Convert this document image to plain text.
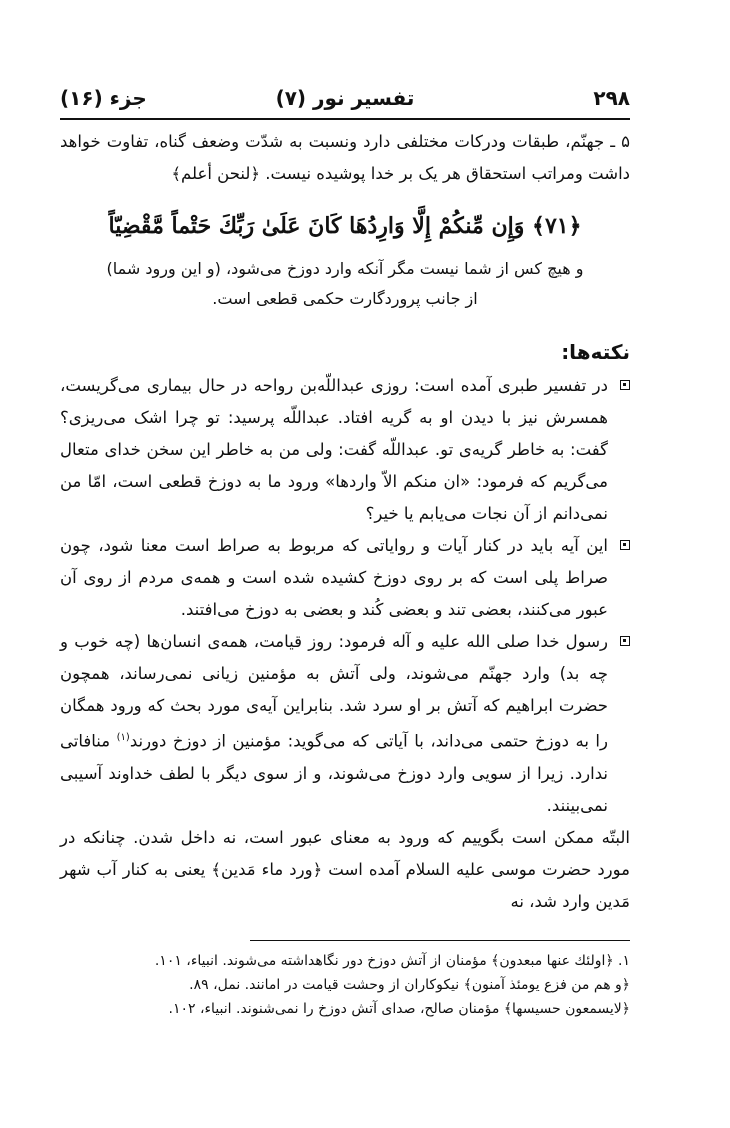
۲۹۸
تفسیر نور (۷)
جزء (۱۶)

۵ ـ جهنّم، طبقات ودرکات مختلفی دارد ونسبت به شدّت وضعف گناه، تفاوت خواهد داشت ومراتب استحقاق هر یک بر خدا پوشیده نیست. ﴿لنحن أعلم﴾

﴿۷۱﴾ وَإِن مِّنكُمْ إِلَّا وَارِدُهَا كَانَ عَلَىٰ رَبِّكَ حَتْماً مَّقْضِيّاً
و هیچ کس از شما نیست مگر آنکه وارد دوزخ می‌شود، (و این ورود شما)
از جانب پروردگارت حکمی قطعی است.
نکته‌ها:

در تفسیر طبری آمده است: روزی عبداللّه‌بن رواحه در حال بیماری می‌گریست، همسرش نیز با دیدن او به گریه افتاد. عبداللّه پرسید: تو چرا اشک می‌ریزی؟ گفت: به خاطر گریه‌ی تو. عبداللّه گفت: ولی من به خاطر این سخن خدای متعال می‌گریم که فرمود: «ان منکم الاّ واردها» ورود ما به دوزخ قطعی است، امّا من نمی‌دانم از آن نجات می‌یابم یا خیر؟

این آیه باید در کنار آیات و روایاتی که مربوط به صراط است معنا شود، چون صراط پلی است که بر روی دوزخ کشیده شده است و همه‌ی مردم از روی آن عبور می‌کنند، بعضی تند و بعضی کُند و بعضی به دوزخ می‌افتند.

رسول خدا صلی الله علیه و آله فرمود: روز قیامت، همه‌ی انسان‌ها (چه خوب و چه بد) وارد جهنّم می‌شوند، ولی آتش به مؤمنین زیانی نمی‌رساند، همچون حضرت ابراهیم که آتش بر او سرد شد. بنابراین آیه‌ی مورد بحث که ورود همگان را به دوزخ حتمی می‌داند، با آیاتی که می‌گوید: مؤمنین از دوزخ دورند$^{(۱)}$ منافاتی ندارد. زیرا از سویی وارد دوزخ می‌شوند، و از سوی دیگر با لطف خداوند آسیبی نمی‌بینند.

البتّه ممکن است بگوییم که ورود به معنای عبور است، نه داخل شدن. چنانکه در مورد حضرت موسی علیه السلام آمده است ﴿ورد ماء مَدین﴾ یعنی به کنار آب شهر مَدین وارد شد، نه

۱. ﴿اولئك عنها مبعدون﴾ مؤمنان از آتش دوزخ دور نگاهداشته می‌شوند. انبیاء، ۱۰۱.

﴿و هم من فزع یومئذ آمنون﴾ نیکوکاران از وحشت قیامت در امانند. نمل، ۸۹.

﴿لایسمعون حسیسها﴾ مؤمنان صالح، صدای آتش دوزخ را نمی‌شنوند. انبیاء، ۱۰۲.
